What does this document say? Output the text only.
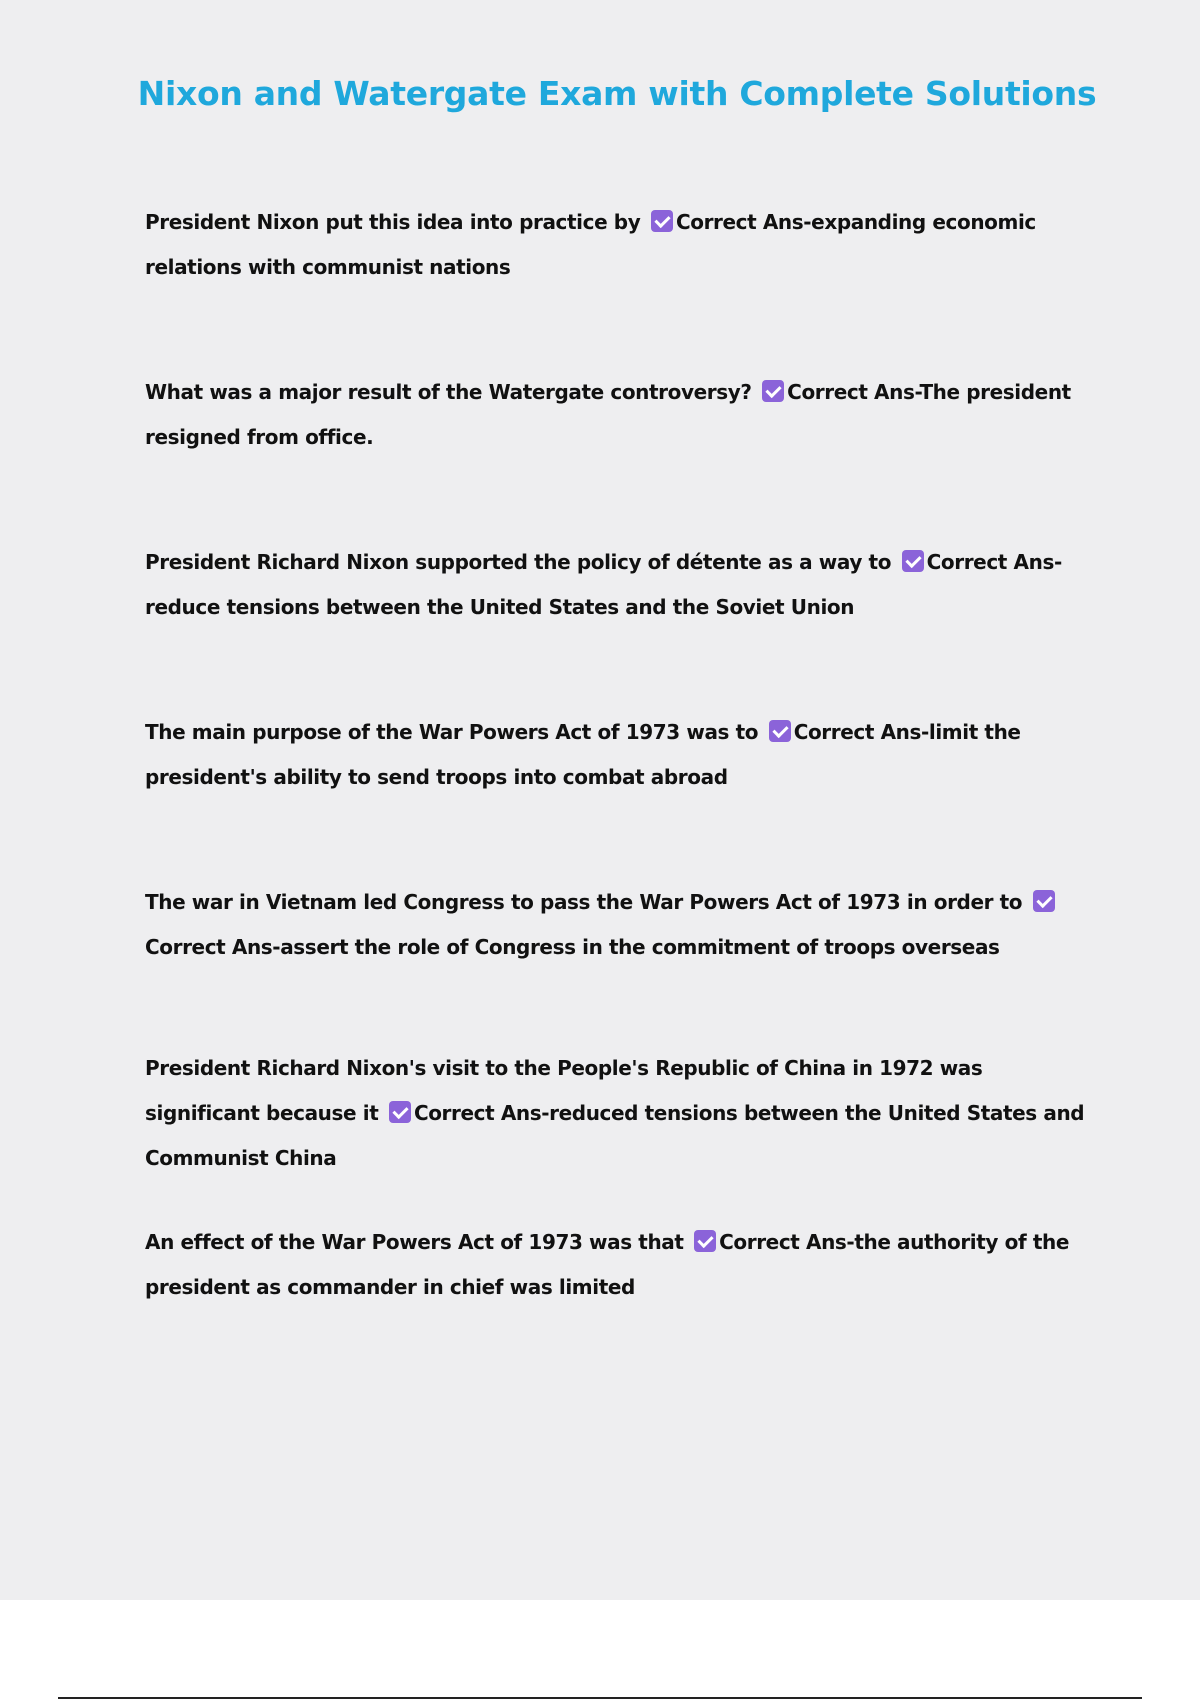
Nixon and Watergate Exam with Complete Solutions

President Nixon put this idea into practice by Correct Ans-expanding economic relations with communist nations

What was a major result of the Watergate controversy? Correct Ans-The president resigned from office.

President Richard Nixon supported the policy of détente as a way to Correct Ans-reduce tensions between the United States and the Soviet Union

The main purpose of the War Powers Act of 1973 was to Correct Ans-limit the president's ability to send troops into combat abroad

The war in Vietnam led Congress to pass the War Powers Act of 1973 in order to Correct Ans-assert the role of Congress in the commitment of troops overseas

President Richard Nixon's visit to the People's Republic of China in 1972 was significant because it Correct Ans-reduced tensions between the United States and Communist China

An effect of the War Powers Act of 1973 was that Correct Ans-the authority of the president as commander in chief was limited
